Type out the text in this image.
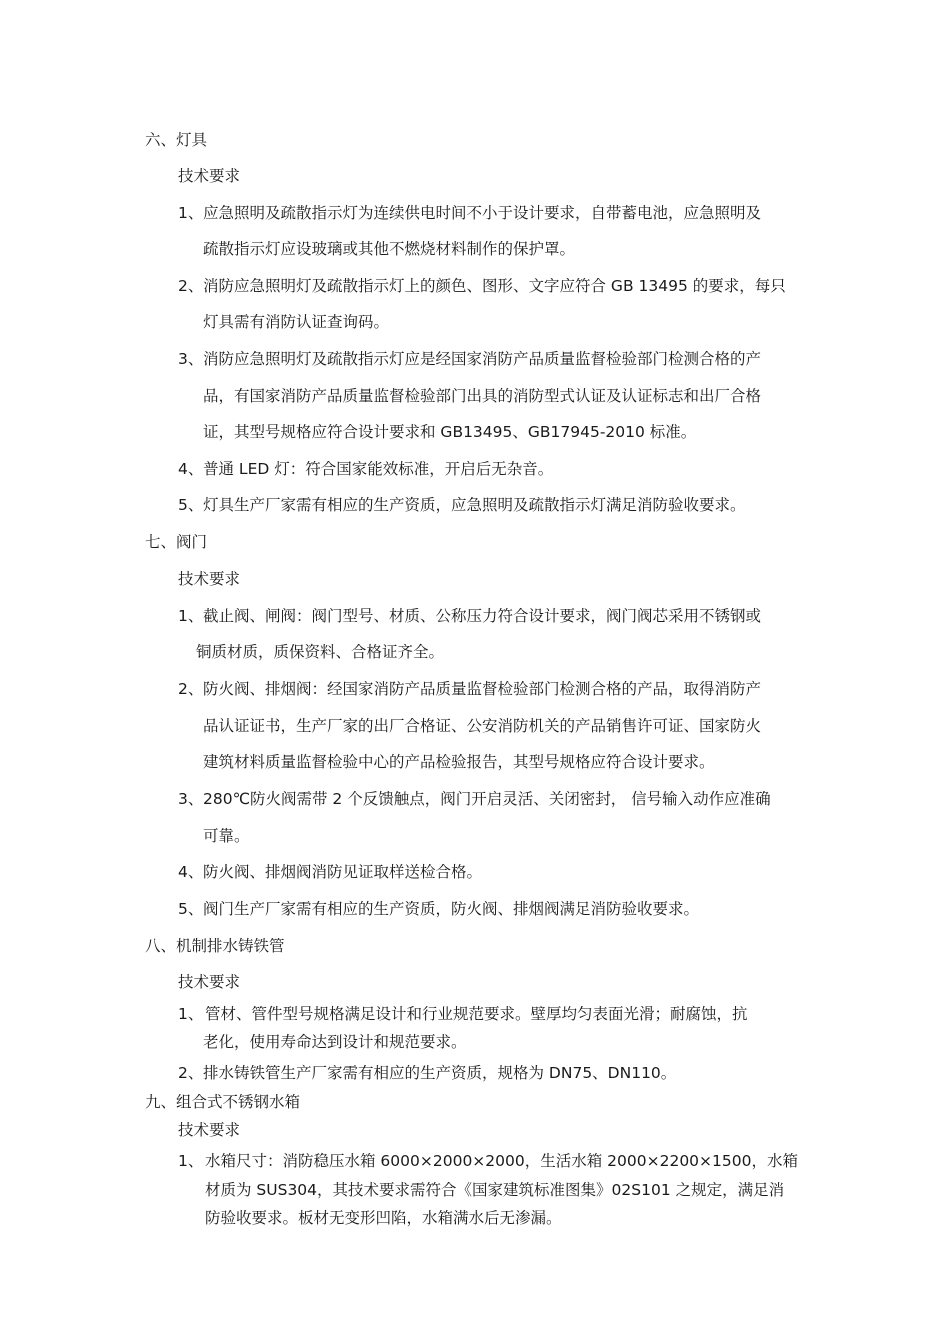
六、灯具

技术要求

1、 应急照明及疏散指示灯为连续供电时间不小于设计要求，自带蓄电池，应急照明及

疏散指示灯应设玻璃或其他不燃烧材料制作的保护罩。

2、 消防应急照明灯及疏散指示灯上的颜色、图形、文字应符合 GB 13495 的要求，每只

灯具需有消防认证查询码。

3、 消防应急照明灯及疏散指示灯应是经国家消防产品质量监督检验部门检测合格的产

品，有国家消防产品质量监督检验部门出具的消防型式认证及认证标志和出厂合格

证，其型号规格应符合设计要求和 GB13495、GB17945-2010 标准。

4、 普通 LED 灯：符合国家能效标准，开启后无杂音。

5、 灯具生产厂家需有相应的生产资质，应急照明及疏散指示灯满足消防验收要求。

七、阀门

技术要求

1、 截止阀、闸阀：阀门型号、材质、公称压力符合设计要求，阀门阀芯采用不锈钢或

铜质材质，质保资料、合格证齐全。

2、 防火阀、排烟阀：经国家消防产品质量监督检验部门检测合格的产品，取得消防产

品认证证书，生产厂家的出厂合格证、公安消防机关的产品销售许可证、国家防火

建筑材料质量监督检验中心的产品检验报告，其型号规格应符合设计要求。

3、 280℃防火阀需带 2 个反馈触点，阀门开启灵活、关闭密封， 信号输入动作应准确

可靠。

4、 防火阀、排烟阀消防见证取样送检合格。

5、 阀门生产厂家需有相应的生产资质，防火阀、排烟阀满足消防验收要求。

八、机制排水铸铁管

技术要求

1、 管材、管件型号规格满足设计和行业规范要求。壁厚均匀表面光滑；耐腐蚀，抗

老化，使用寿命达到设计和规范要求。

2、 排水铸铁管生产厂家需有相应的生产资质，规格为 DN75、DN110。

九、组合式不锈钢水箱

技术要求

1、 水箱尺寸：消防稳压水箱 6000×2000×2000，生活水箱 2000×2200×1500，水箱

材质为 SUS304，其技术要求需符合《国家建筑标准图集》02S101 之规定，满足消

防验收要求。板材无变形凹陷，水箱满水后无渗漏。
